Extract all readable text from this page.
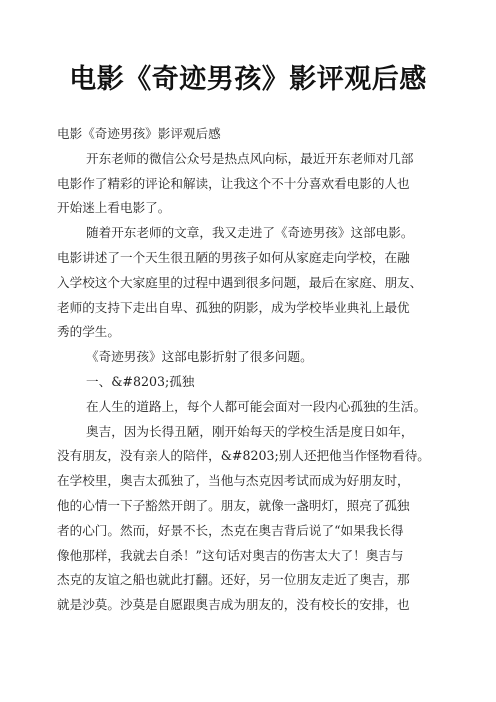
电影《奇迹男孩》影评观后感
电影《奇迹男孩》影评观后感
开东老师的微信公众号是热点风向标，最近开东老师对几部
电影作了精彩的评论和解读，让我这个不十分喜欢看电影的人也
开始迷上看电影了。
随着开东老师的文章，我又走进了《奇迹男孩》这部电影。
电影讲述了一个天生很丑陋的男孩子如何从家庭走向学校，在融
入学校这个大家庭里的过程中遇到很多问题，最后在家庭、朋友、
老师的支持下走出自卑、孤独的阴影，成为学校毕业典礼上最优
秀的学生。
《奇迹男孩》这部电影折射了很多问题。
一、&#8203;孤独
在人生的道路上，每个人都可能会面对一段内心孤独的生活。
奥吉，因为长得丑陋，刚开始每天的学校生活是度日如年，
没有朋友，没有亲人的陪伴，&#8203;别人还把他当作怪物看待。
在学校里，奥吉太孤独了，当他与杰克因考试而成为好朋友时，
他的心情一下子豁然开朗了。朋友，就像一盏明灯，照亮了孤独
者的心门。然而，好景不长，杰克在奥吉背后说了“如果我长得
像他那样，我就去自杀！”这句话对奥吉的伤害太大了！奥吉与
杰克的友谊之船也就此打翻。还好，另一位朋友走近了奥吉，那
就是沙莫。沙莫是自愿跟奥吉成为朋友的，没有校长的安排，也
